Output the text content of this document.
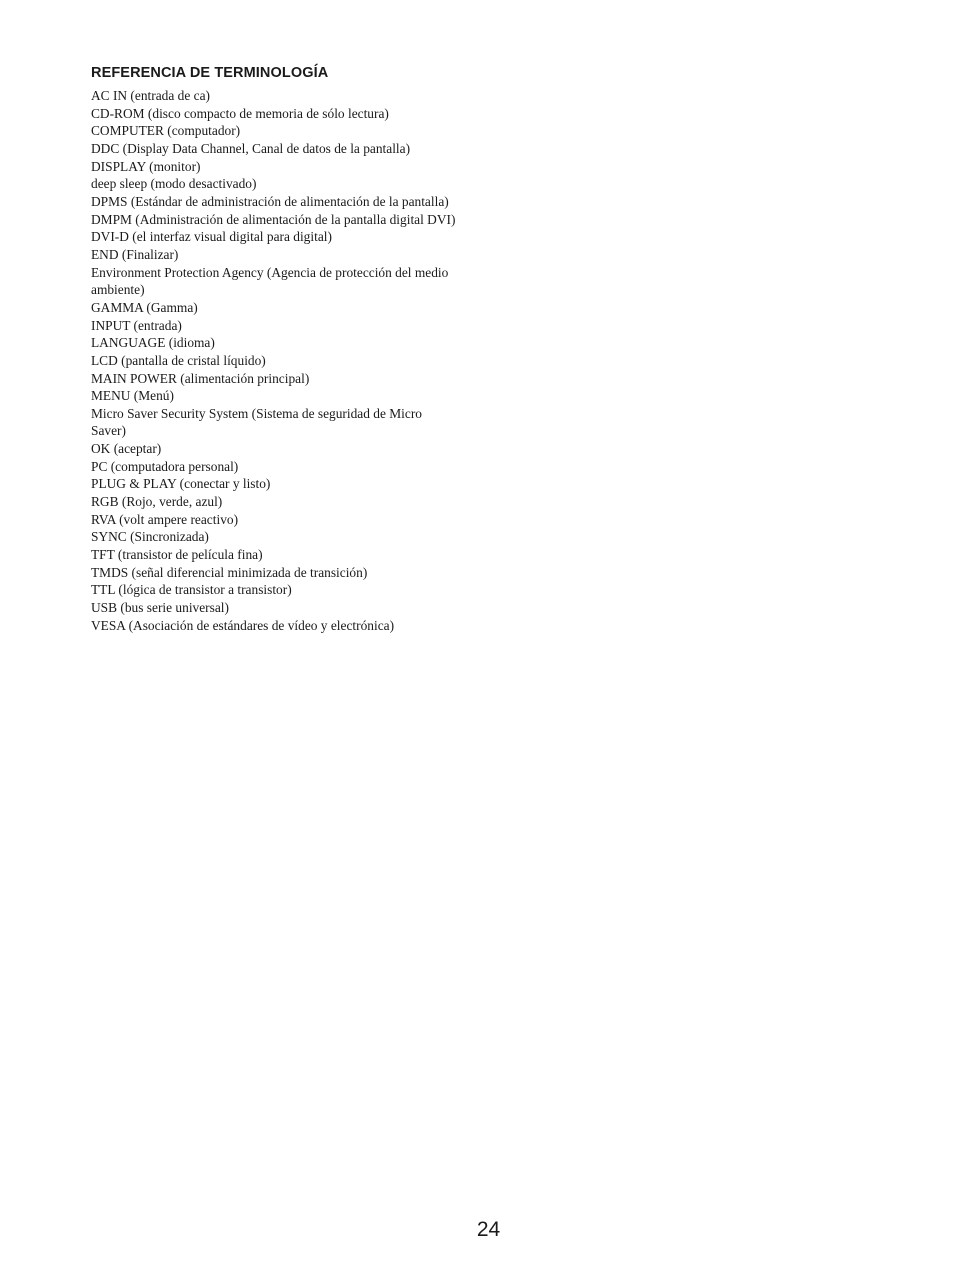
REFERENCIA DE TERMINOLOGÍA
AC IN (entrada de ca)
CD-ROM (disco compacto de memoria de sólo lectura)
COMPUTER (computador)
DDC (Display Data Channel, Canal de datos de la pantalla)
DISPLAY (monitor)
deep sleep (modo desactivado)
DPMS (Estándar de administración de alimentación de la pantalla)
DMPM (Administración de alimentación de la pantalla digital DVI)
DVI-D (el interfaz visual digital para digital)
END (Finalizar)
Environment Protection Agency (Agencia de protección del medio ambiente)
GAMMA (Gamma)
INPUT (entrada)
LANGUAGE (idioma)
LCD (pantalla de cristal líquido)
MAIN POWER (alimentación principal)
MENU (Menú)
Micro Saver Security System (Sistema de seguridad de Micro Saver)
OK (aceptar)
PC (computadora personal)
PLUG & PLAY (conectar y listo)
RGB (Rojo, verde, azul)
RVA (volt ampere reactivo)
SYNC (Sincronizada)
TFT (transistor de película fina)
TMDS (señal diferencial minimizada de transición)
TTL (lógica de transistor a transistor)
USB (bus serie universal)
VESA (Asociación de estándares de vídeo y electrónica)
24
